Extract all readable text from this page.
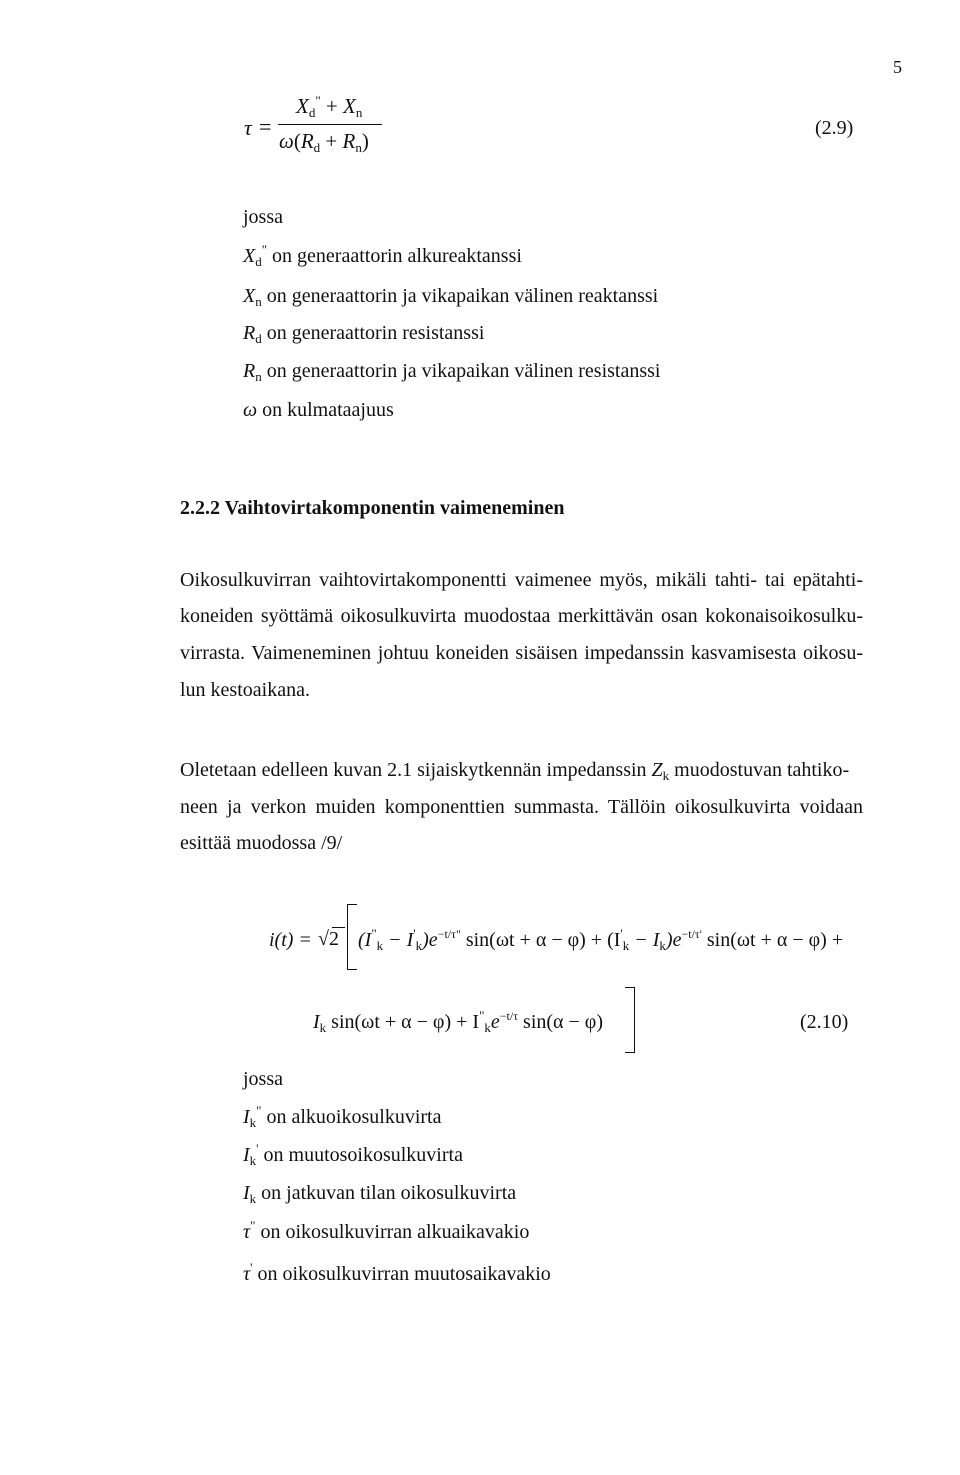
5
τ =
$X_d^" + X_n$
$\omega(R_d + R_n)$
(2.9)
jossa
$X_d^"$ on generaattorin alkureaktanssi
$X_n$ on generaattorin ja vikapaikan välinen reaktanssi
$R_d$ on generaattorin resistanssi
$R_n$ on generaattorin ja vikapaikan välinen resistanssi
ω on kulmataajuus
2.2.2 Vaihtovirtakomponentin vaimeneminen
Oikosulkuvirran vaihtovirtakomponentti vaimenee myös, mikäli tahti- tai epätahti-
koneiden syöttämä oikosulkuvirta muodostaa merkittävän osan kokonaisoikosulku-
virrasta. Vaimeneminen johtuu koneiden sisäisen impedanssin kasvamisesta oikosu-
lun kestoaikana.
Oletetaan edelleen kuvan 2.1 sijaiskytkennän impedanssin $Z_k$ muodostuvan tahtiko-
neen ja verkon muiden komponenttien summasta. Tällöin oikosulkuvirta voidaan
esittää muodossa /9/
i(t) = √2 $(I^"_k - I'_k)e^{-t/\tau"}$ $\sin(\omega t + \alpha - \varphi) + (I'_k - I_k)e^{-t/\tau'}$ sin(ωt + α − φ) +
$I_k$ $\sin(\omega t + \alpha - \varphi) + I^"_ke^{-t/\tau}$ sin(α − φ)	(2.10)
jossa
$I_k^"$ on alkuoikosulkuvirta
$I_k'$ on muutosoikosulkuvirta
$I_k$ on jatkuvan tilan oikosulkuvirta
τ" on oikosulkuvirran alkuaikavakio
τ' on oikosulkuvirran muutosaikavakio
